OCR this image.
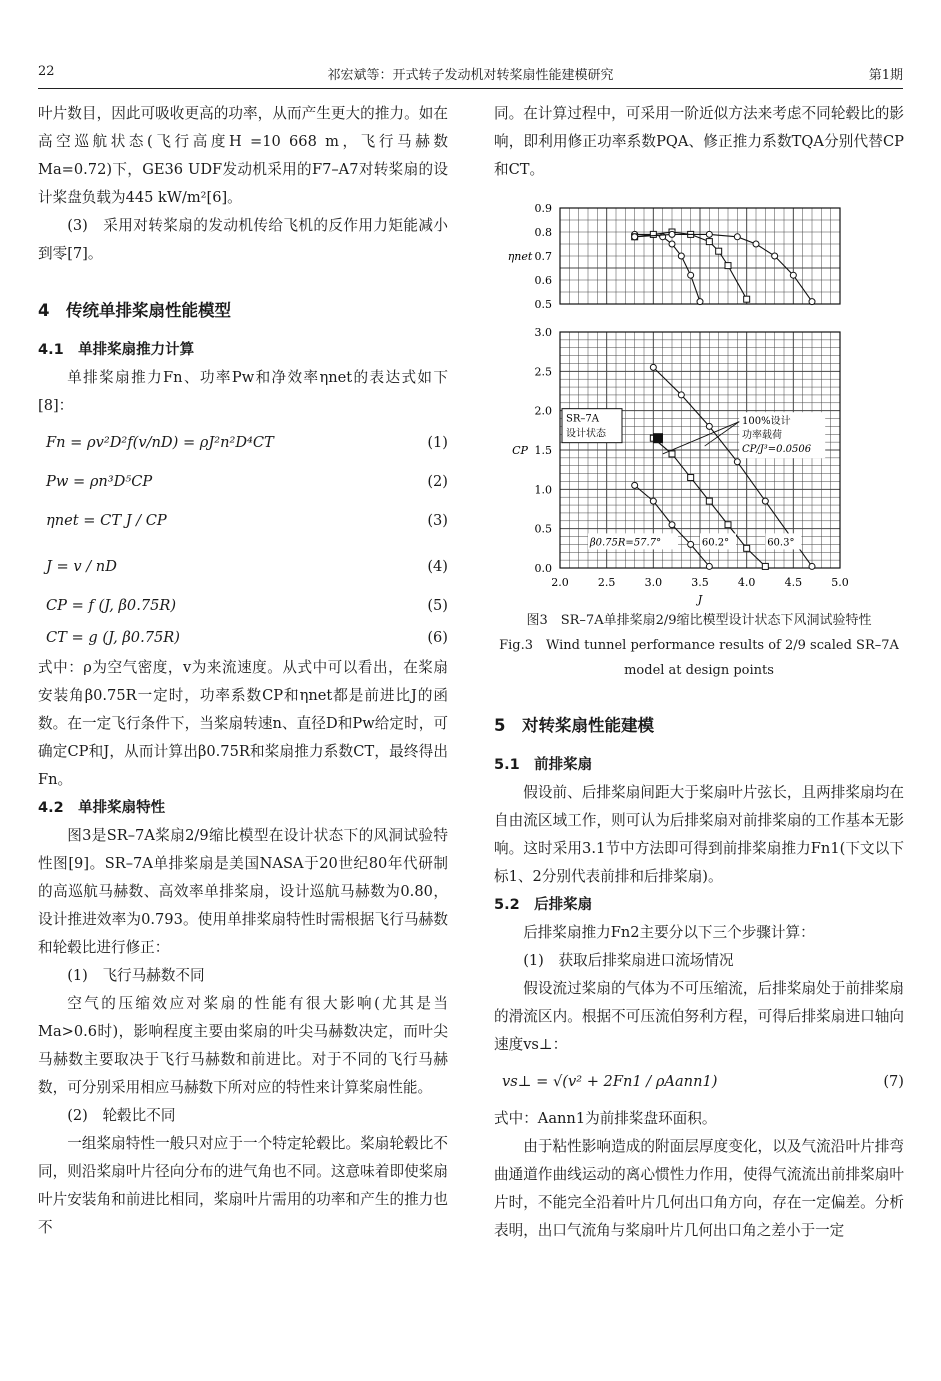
22	祁宏斌等：开式转子发动机对转桨扇性能建模研究	第1期

叶片数目，因此可吸收更高的功率，从而产生更大的推力。如在高空巡航状态(飞行高度H =10 668 m，飞行马赫数Ma=0.72)下，GE36 UDF发动机采用的F7–A7对转桨扇的设计桨盘负载为445 kW/m²[6]。

(3)　采用对转桨扇的发动机传给飞机的反作用力矩能减小到零[7]。

4　传统单排桨扇性能模型
4.1　单排桨扇推力计算

单排桨扇推力Fn、功率Pw和净效率ηnet的表达式如下[8]：

Fn = ρv²D²f(v/nD) = ρJ²n²D⁴CT	(1)
Pw = ρn³D⁵CP	(2)
ηnet = CT J / CP	(3)
J = v / nD	(4)
CP = f (J, β0.75R)	(5)
CT = g (J, β0.75R)	(6)

式中：ρ为空气密度，v为来流速度。从式中可以看出，在桨扇安装角β0.75R一定时，功率系数CP和ηnet都是前进比J的函数。在一定飞行条件下，当桨扇转速n、直径D和Pw给定时，可确定CP和J，从而计算出β0.75R和桨扇推力系数CT，最终得出Fn。

4.2　单排桨扇特性

图3是SR–7A桨扇2/9缩比模型在设计状态下的风洞试验特性图[9]。SR–7A单排桨扇是美国NASA于20世纪80年代研制的高巡航马赫数、高效率单排桨扇，设计巡航马赫数为0.80，设计推进效率为0.793。使用单排桨扇特性时需根据飞行马赫数和轮毂比进行修正：

(1)　飞行马赫数不同

空气的压缩效应对桨扇的性能有很大影响(尤其是当Ma>0.6时)，影响程度主要由桨扇的叶尖马赫数决定，而叶尖马赫数主要取决于飞行马赫数和前进比。对于不同的飞行马赫数，可分别采用相应马赫数下所对应的特性来计算桨扇性能。

(2)　轮毂比不同

一组桨扇特性一般只对应于一个特定轮毂比。桨扇轮毂比不同，则沿桨扇叶片径向分布的进气角也不同。这意味着即使桨扇叶片安装角和前进比相同，桨扇叶片需用的功率和产生的推力也不

同。在计算过程中，可采用一阶近似方法来考虑不同轮毂比的影响，即利用修正功率系数PQA、修正推力系数TQA分别代替CP和CT。

0.5
0.6
0.7
0.8
0.9
ηnet
0.0
0.5
1.0
1.5
2.0
2.5
3.0
CP
2.0	2.5	3.0	3.5	4.0	4.5	5.0
J
SR–7A
设计状态
100%设计
功率载荷
CP/J³=0.0506
β0.75R=57.7°	60.2°	60.3°
图3　SR–7A单排桨扇2/9缩比模型设计状态下风洞试验特性
Fig.3　Wind tunnel performance results of 2/9 scaled SR–7A
model at design points
5　对转桨扇性能建模
5.1　前排桨扇

假设前、后排桨扇间距大于桨扇叶片弦长，且两排桨扇均在自由流区域工作，则可认为后排桨扇对前排桨扇的工作基本无影响。这时采用3.1节中方法即可得到前排桨扇推力Fn1(下文以下标1、2分别代表前排和后排桨扇)。

5.2　后排桨扇

后排桨扇推力Fn2主要分以下三个步骤计算：

(1)　获取后排桨扇进口流场情况

假设流过桨扇的气体为不可压缩流，后排桨扇处于前排桨扇的滑流区内。根据不可压流伯努利方程，可得后排桨扇进口轴向速度vs⊥：

vs⊥ = √(v² + 2Fn1 / ρAann1)	(7)

式中：Aann1为前排桨盘环面积。

由于粘性影响造成的附面层厚度变化，以及气流沿叶片排弯曲通道作曲线运动的离心惯性力作用，使得气流流出前排桨扇叶片时，不能完全沿着叶片几何出口角方向，存在一定偏差。分析表明，出口气流角与桨扇叶片几何出口角之差小于一定
